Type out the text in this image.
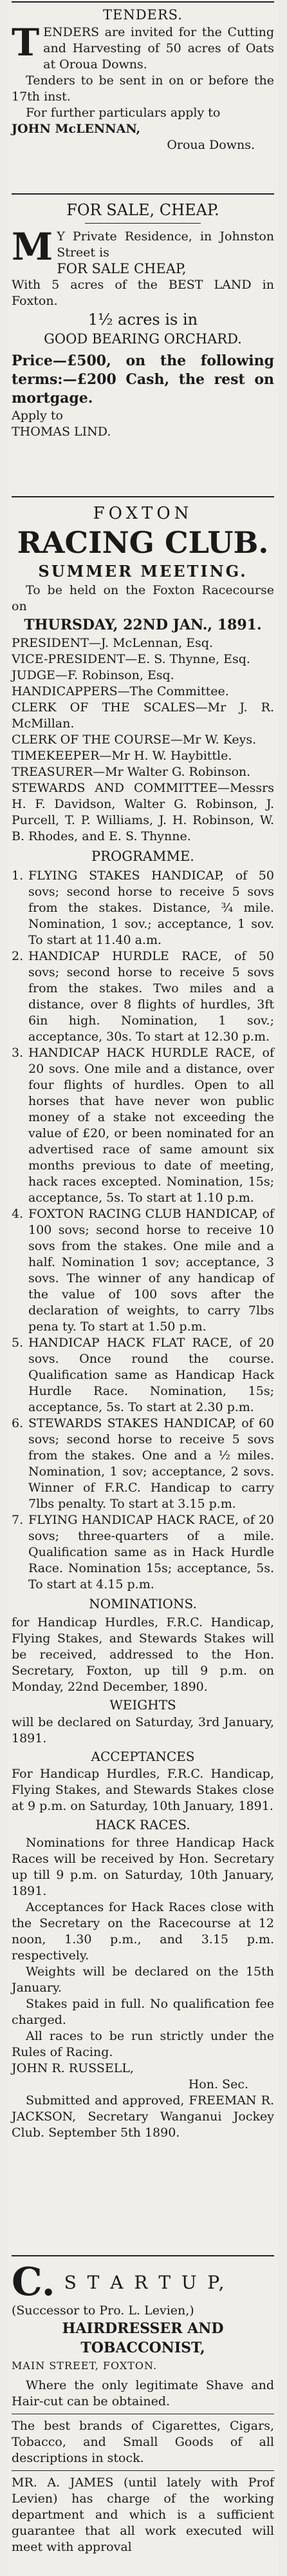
TENDERS.

TENDERS are invited for the Cutting and Harvesting of 50 acres of Oats at Oroua Downs.

Tenders to be sent in on or before the 17th inst.

For further particulars apply to

JOHN McLENNAN,

Oroua Downs.

FOR SALE, CHEAP.

M Y Private Residence, in Johnston Street is

FOR SALE CHEAP,

With 5 acres of the BEST LAND in Foxton.

1½ acres is in

GOOD BEARING ORCHARD.

Price—£500, on the following terms:—£200 Cash, the rest on mortgage.

Apply to

THOMAS LIND.

FOXTON

RACING CLUB.

SUMMER MEETING.

To be held on the Foxton Racecourse on

THURSDAY, 22ND JAN., 1891.

PRESIDENT—J. McLennan, Esq.

VICE-PRESIDENT—E. S. Thynne, Esq.

JUDGE—F. Robinson, Esq.

HANDICAPPERS—The Committee.

CLERK OF THE SCALES—Mr J. R. McMillan.

CLERK OF THE COURSE—Mr W. Keys.

TIMEKEEPER—Mr H. W. Haybittle.

TREASURER—Mr Walter G. Robinson.

STEWARDS AND COMMITTEE—Messrs H. F. Davidson, Walter G. Robinson, J. Purcell, T. P. Williams, J. H. Robinson, W. B. Rhodes, and E. S. Thynne.

PROGRAMME.

1. FLYING STAKES HANDICAP, of 50 sovs; second horse to receive 5 sovs from the stakes. Distance, ¾ mile. Nomination, 1 sov.; acceptance, 1 sov. To start at 11.40 a.m.

2. HANDICAP HURDLE RACE, of 50 sovs; second horse to receive 5 sovs from the stakes. Two miles and a distance, over 8 flights of hurdles, 3ft 6in high. Nomination, 1 sov.; acceptance, 30s. To start at 12.30 p.m.

3. HANDICAP HACK HURDLE RACE, of 20 sovs. One mile and a distance, over four flights of hurdles. Open to all horses that have never won public money of a stake not exceeding the value of £20, or been nominated for an advertised race of same amount six months previous to date of meeting, hack races excepted. Nomination, 15s; acceptance, 5s. To start at 1.10 p.m.

4. FOXTON RACING CLUB HANDICAP, of 100 sovs; second horse to receive 10 sovs from the stakes. One mile and a half. Nomination 1 sov; acceptance, 3 sovs. The winner of any handicap of the value of 100 sovs after the declaration of weights, to carry 7lbs pena ty. To start at 1.50 p.m.

5. HANDICAP HACK FLAT RACE, of 20 sovs. Once round the course. Qualification same as Handicap Hack Hurdle Race. Nomination, 15s; acceptance, 5s. To start at 2.30 p.m.

6. STEWARDS STAKES HANDICAP, of 60 sovs; second horse to receive 5 sovs from the stakes. One and a ½ miles. Nomination, 1 sov; acceptance, 2 sovs. Winner of F.R.C. Handicap to carry 7lbs penalty. To start at 3.15 p.m.

7. FLYING HANDICAP HACK RACE, of 20 sovs; three-quarters of a mile. Qualification same as in Hack Hurdle Race. Nomination 15s; acceptance, 5s. To start at 4.15 p.m.

NOMINATIONS.

for Handicap Hurdles, F.R.C. Handicap, Flying Stakes, and Stewards Stakes will be received, addressed to the Hon. Secretary, Foxton, up till 9 p.m. on Monday, 22nd December, 1890.

WEIGHTS

will be declared on Saturday, 3rd January, 1891.

ACCEPTANCES

For Handicap Hurdles, F.R.C. Handicap, Flying Stakes, and Stewards Stakes close at 9 p.m. on Saturday, 10th January, 1891.

HACK RACES.

Nominations for three Handicap Hack Races will be received by Hon. Secretary up till 9 p.m. on Saturday, 10th January, 1891.

Acceptances for Hack Races close with the Secretary on the Racecourse at 12 noon, 1.30 p.m., and 3.15 p.m. respectively.

Weights will be declared on the 15th January.

Stakes paid in full. No qualification fee charged.

All races to be run strictly under the Rules of Racing.

JOHN R. RUSSELL,

Hon. Sec.

Submitted and approved, FREEMAN R. JACKSON, Secretary Wanganui Jockey Club. September 5th 1890.

C. S T A R T U P,

(Successor to Pro. L. Levien,)

HAIRDRESSER AND TOBACCONIST,

MAIN STREET, FOXTON.

Where the only legitimate Shave and Hair-cut can be obtained.

The best brands of Cigarettes, Cigars, Tobacco, and Small Goods of all descriptions in stock.

MR. A. JAMES (until lately with Prof Levien) has charge of the working department and which is a sufficient guarantee that all work executed will meet with approval
